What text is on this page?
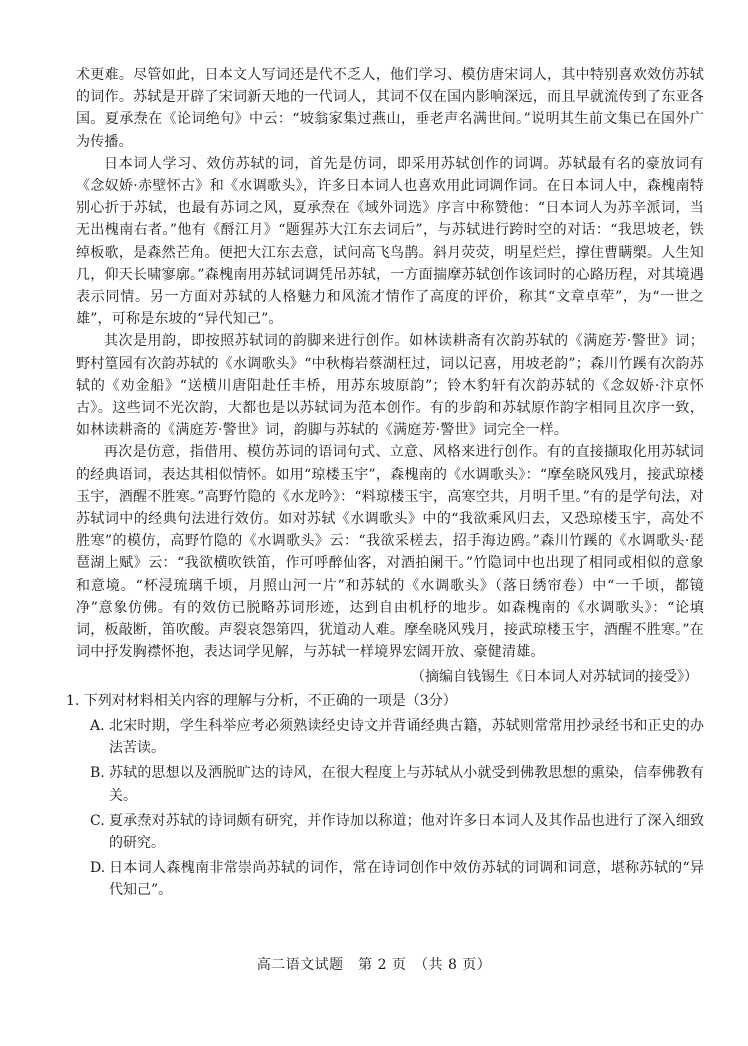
术更难。尽管如此，日本文人写词还是代不乏人，他们学习、模仿唐宋词人，其中特别喜欢效仿苏轼的词作。苏轼是开辟了宋词新天地的一代词人，其词不仅在国内影响深远，而且早就流传到了东亚各国。夏承焘在《论词绝句》中云：“坡翁家集过燕山，垂老声名满世间。”说明其生前文集已在国外广为传播。

日本词人学习、效仿苏轼的词，首先是仿词，即采用苏轼创作的词调。苏轼最有名的豪放词有《念奴娇·赤壁怀古》和《水调歌头》，许多日本词人也喜欢用此词调作词。在日本词人中，森槐南特别心折于苏轼，也最有苏词之风，夏承焘在《域外词选》序言中称赞他：“日本词人为苏辛派词，当无出槐南右者。”他有《酹江月》“题猩苏大江东去词后”，与苏轼进行跨时空的对话：“我思坡老，铁绰板歌，是森然芒角。便把大江东去意，试问高飞鸟鹊。斜月荧荧，明星烂烂，撑住曹瞒槊。人生知几，仰天长啸寥廓。”森槐南用苏轼词调凭吊苏轼，一方面揣摩苏轼创作该词时的心路历程，对其境遇表示同情。另一方面对苏轼的人格魅力和风流才情作了高度的评价，称其“文章卓荦”，为“一世之雄”，可称是东坡的“异代知己”。

其次是用韵，即按照苏轼词的韵脚来进行创作。如林读耕斋有次韵苏轼的《满庭芳·警世》词；野村篁园有次韵苏轼的《水调歌头》“中秋梅岩蔡湖枉过，词以记喜，用坡老韵”；森川竹蹊有次韵苏轼的《劝金船》“送横川唐阳赴任丰桥，用苏东坡原韵”；铃木豹轩有次韵苏轼的《念奴娇·汴京怀古》。这些词不光次韵，大都也是以苏轼词为范本创作。有的步韵和苏轼原作韵字相同且次序一致，如林读耕斋的《满庭芳·警世》词，韵脚与苏轼的《满庭芳·警世》词完全一样。

再次是仿意，指借用、模仿苏词的语词句式、立意、风格来进行创作。有的直接撷取化用苏轼词的经典语词，表达其相似情怀。如用“琼楼玉宇”，森槐南的《水调歌头》：“摩垒晓风残月，接武琼楼玉宇，酒醒不胜寒。”高野竹隐的《水龙吟》：“料琼楼玉宇，高寒空共，月明千里。”有的是学句法，对苏轼词中的经典句法进行效仿。如对苏轼《水调歌头》中的“我欲乘风归去，又恐琼楼玉宇，高处不胜寒”的模仿，高野竹隐的《水调歌头》云：“我欲采槎去，招手海边鸥。”森川竹蹊的《水调歌头·琵琶湖上赋》云：“我欲横吹铁笛，作可呼醉仙客，对酒拍阑干。”竹隐词中也出现了相同或相似的意象和意境。“杯浸琉璃千顷，月照山河一片”和苏轼的《水调歌头》（落日绣帘卷）中“一千顷，都镜净”意象仿佛。有的效仿已脱略苏词形迹，达到自由机杼的地步。如森槐南的《水调歌头》：“论填词，板敲断，笛吹酸。声裂哀怨第四，犹道动人难。摩垒晓风残月，接武琼楼玉宇，酒醒不胜寒。”在词中抒发胸襟怀抱，表达词学见解，与苏轼一样境界宏阔开放、豪健清雄。

（摘编自钱锡生《日本词人对苏轼词的接受》）

1. 下列对材料相关内容的理解与分析，不正确的一项是（3分）

A. 北宋时期，学生科举应考必须熟读经史诗文并背诵经典古籍，苏轼则常常用抄录经书和正史的办法苦读。
B. 苏轼的思想以及洒脱旷达的诗风，在很大程度上与苏轼从小就受到佛教思想的熏染，信奉佛教有关。
C. 夏承焘对苏轼的诗词颇有研究，并作诗加以称道；他对许多日本词人及其作品也进行了深入细致的研究。
D. 日本词人森槐南非常崇尚苏轼的词作，常在诗词创作中效仿苏轼的词调和词意，堪称苏轼的“异代知己”。
高二语文试题　第 2 页　（共 8 页）
